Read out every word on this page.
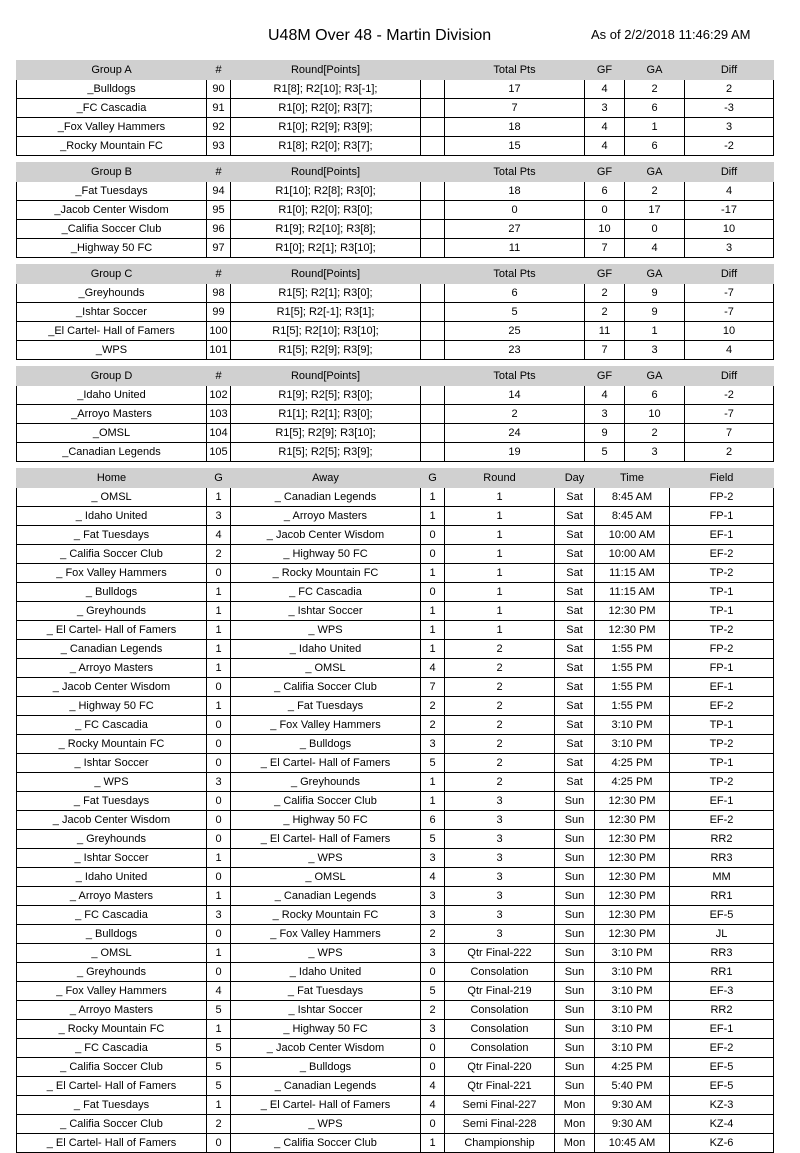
U48M Over 48 - Martin Division	As of 2/2/2018 11:46:29 AM
Group A	#	Round[Points]		Total Pts	GF	GA	Diff
_Bulldogs	90	R1[8]; R2[10]; R3[-1];		17	4	2	2
_FC Cascadia	91	R1[0]; R2[0]; R3[7];		7	3	6	-3
_Fox Valley Hammers	92	R1[0]; R2[9]; R3[9];		18	4	1	3
_Rocky Mountain FC	93	R1[8]; R2[0]; R3[7];		15	4	6	-2
Group B	#	Round[Points]		Total Pts	GF	GA	Diff
_Fat Tuesdays	94	R1[10]; R2[8]; R3[0];		18	6	2	4
_Jacob Center Wisdom	95	R1[0]; R2[0]; R3[0];		0	0	17	-17
_Califia Soccer Club	96	R1[9]; R2[10]; R3[8];		27	10	0	10
_Highway 50 FC	97	R1[0]; R2[1]; R3[10];		11	7	4	3
Group C	#	Round[Points]		Total Pts	GF	GA	Diff
_Greyhounds	98	R1[5]; R2[1]; R3[0];		6	2	9	-7
_Ishtar Soccer	99	R1[5]; R2[-1]; R3[1];		5	2	9	-7
_El Cartel- Hall of Famers	100	R1[5]; R2[10]; R3[10];		25	11	1	10
_WPS	101	R1[5]; R2[9]; R3[9];		23	7	3	4
Group D	#	Round[Points]		Total Pts	GF	GA	Diff
_Idaho United	102	R1[9]; R2[5]; R3[0];		14	4	6	-2
_Arroyo Masters	103	R1[1]; R2[1]; R3[0];		2	3	10	-7
_OMSL	104	R1[5]; R2[9]; R3[10];		24	9	2	7
_Canadian Legends	105	R1[5]; R2[5]; R3[9];		19	5	3	2
Home	G	Away	G	Round	Day	Time	Field
_ OMSL	1	_ Canadian Legends	1	1	Sat	8:45 AM	FP-2
_ Idaho United	3	_ Arroyo Masters	1	1	Sat	8:45 AM	FP-1
_ Fat Tuesdays	4	_ Jacob Center Wisdom	0	1	Sat	10:00 AM	EF-1
_ Califia Soccer Club	2	_ Highway 50 FC	0	1	Sat	10:00 AM	EF-2
_ Fox Valley Hammers	0	_ Rocky Mountain FC	1	1	Sat	11:15 AM	TP-2
_ Bulldogs	1	_ FC Cascadia	0	1	Sat	11:15 AM	TP-1
_ Greyhounds	1	_ Ishtar Soccer	1	1	Sat	12:30 PM	TP-1
_ El Cartel- Hall of Famers	1	_ WPS	1	1	Sat	12:30 PM	TP-2
_ Canadian Legends	1	_ Idaho United	1	2	Sat	1:55 PM	FP-2
_ Arroyo Masters	1	_ OMSL	4	2	Sat	1:55 PM	FP-1
_ Jacob Center Wisdom	0	_ Califia Soccer Club	7	2	Sat	1:55 PM	EF-1
_ Highway 50 FC	1	_ Fat Tuesdays	2	2	Sat	1:55 PM	EF-2
_ FC Cascadia	0	_ Fox Valley Hammers	2	2	Sat	3:10 PM	TP-1
_ Rocky Mountain FC	0	_ Bulldogs	3	2	Sat	3:10 PM	TP-2
_ Ishtar Soccer	0	_ El Cartel- Hall of Famers	5	2	Sat	4:25 PM	TP-1
_ WPS	3	_ Greyhounds	1	2	Sat	4:25 PM	TP-2
_ Fat Tuesdays	0	_ Califia Soccer Club	1	3	Sun	12:30 PM	EF-1
_ Jacob Center Wisdom	0	_ Highway 50 FC	6	3	Sun	12:30 PM	EF-2
_ Greyhounds	0	_ El Cartel- Hall of Famers	5	3	Sun	12:30 PM	RR2
_ Ishtar Soccer	1	_ WPS	3	3	Sun	12:30 PM	RR3
_ Idaho United	0	_ OMSL	4	3	Sun	12:30 PM	MM
_ Arroyo Masters	1	_ Canadian Legends	3	3	Sun	12:30 PM	RR1
_ FC Cascadia	3	_ Rocky Mountain FC	3	3	Sun	12:30 PM	EF-5
_ Bulldogs	0	_ Fox Valley Hammers	2	3	Sun	12:30 PM	JL
_ OMSL	1	_ WPS	3	Qtr Final-222	Sun	3:10 PM	RR3
_ Greyhounds	0	_ Idaho United	0	Consolation	Sun	3:10 PM	RR1
_ Fox Valley Hammers	4	_ Fat Tuesdays	5	Qtr Final-219	Sun	3:10 PM	EF-3
_ Arroyo Masters	5	_ Ishtar Soccer	2	Consolation	Sun	3:10 PM	RR2
_ Rocky Mountain FC	1	_ Highway 50 FC	3	Consolation	Sun	3:10 PM	EF-1
_ FC Cascadia	5	_ Jacob Center Wisdom	0	Consolation	Sun	3:10 PM	EF-2
_ Califia Soccer Club	5	_ Bulldogs	0	Qtr Final-220	Sun	4:25 PM	EF-5
_ El Cartel- Hall of Famers	5	_ Canadian Legends	4	Qtr Final-221	Sun	5:40 PM	EF-5
_ Fat Tuesdays	1	_ El Cartel- Hall of Famers	4	Semi Final-227	Mon	9:30 AM	KZ-3
_ Califia Soccer Club	2	_ WPS	0	Semi Final-228	Mon	9:30 AM	KZ-4
_ El Cartel- Hall of Famers	0	_ Califia Soccer Club	1	Championship	Mon	10:45 AM	KZ-6
